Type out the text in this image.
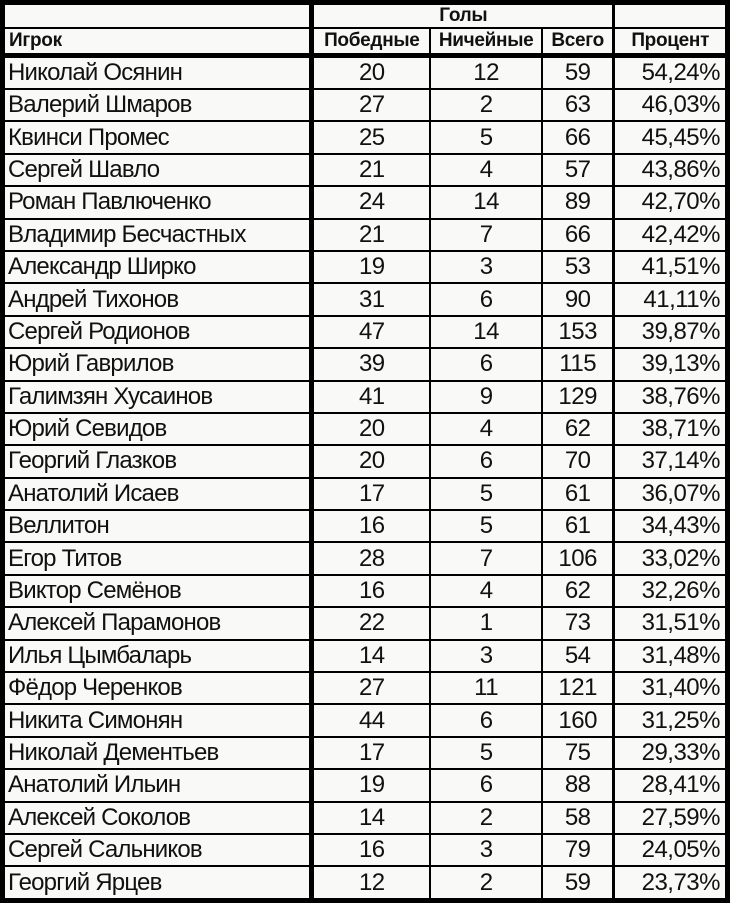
	Голы			
Игрок	Победные	Ничейные	Всего	Процент
Николай Осянин	20	12	59	54,24%
Валерий Шмаров	27	2	63	46,03%
Квинси Промес	25	5	66	45,45%
Сергей Шавло	21	4	57	43,86%
Роман Павлюченко	24	14	89	42,70%
Владимир Бесчастных	21	7	66	42,42%
Александр Ширко	19	3	53	41,51%
Андрей Тихонов	31	6	90	41,11%
Сергей Родионов	47	14	153	39,87%
Юрий Гаврилов	39	6	115	39,13%
Галимзян Хусаинов	41	9	129	38,76%
Юрий Севидов	20	4	62	38,71%
Георгий Глазков	20	6	70	37,14%
Анатолий Исаев	17	5	61	36,07%
Веллитон	16	5	61	34,43%
Егор Титов	28	7	106	33,02%
Виктор Семёнов	16	4	62	32,26%
Алексей Парамонов	22	1	73	31,51%
Илья Цымбаларь	14	3	54	31,48%
Фёдор Черенков	27	11	121	31,40%
Никита Симонян	44	6	160	31,25%
Николай Дементьев	17	5	75	29,33%
Анатолий Ильин	19	6	88	28,41%
Алексей Соколов	14	2	58	27,59%
Сергей Сальников	16	3	79	24,05%
Георгий Ярцев	12	2	59	23,73%
